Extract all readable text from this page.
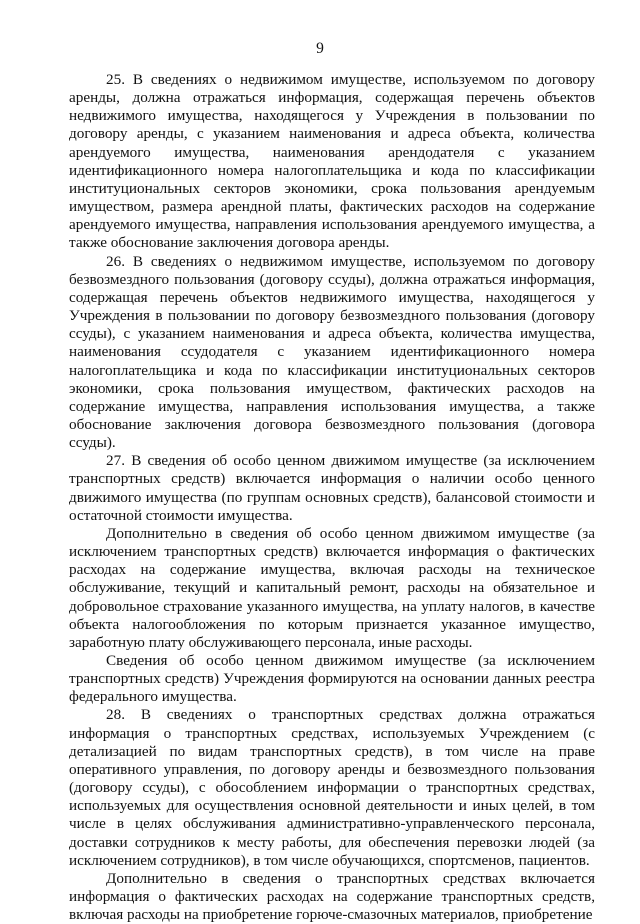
9

25. В сведениях о недвижимом имуществе, используемом по договору аренды, должна отражаться информация, содержащая перечень объектов недвижимого имущества, находящегося у Учреждения в пользовании по договору аренды, с указанием наименования и адреса объекта, количества арендуемого имущества, наименования арендодателя с указанием идентификационного номера налогоплательщика и кода по классификации институциональных секторов экономики, срока пользования арендуемым имуществом, размера арендной платы, фактических расходов на содержание арендуемого имущества, направления использования арендуемого имущества, а также обоснование заключения договора аренды.

26. В сведениях о недвижимом имуществе, используемом по договору безвозмездного пользования (договору ссуды), должна отражаться информация, содержащая перечень объектов недвижимого имущества, находящегося у Учреждения в пользовании по договору безвозмездного пользования (договору ссуды), с указанием наименования и адреса объекта, количества имущества, наименования ссудодателя с указанием идентификационного номера налогоплательщика и кода по классификации институциональных секторов экономики, срока пользования имуществом, фактических расходов на содержание имущества, направления использования имущества, а также обоснование заключения договора безвозмездного пользования (договора ссуды).

27. В сведения об особо ценном движимом имуществе (за исключением транспортных средств) включается информация о наличии особо ценного движимого имущества (по группам основных средств), балансовой стоимости и остаточной стоимости имущества.

Дополнительно в сведения об особо ценном движимом имуществе (за исключением транспортных средств) включается информация о фактических расходах на содержание имущества, включая расходы на техническое обслуживание, текущий и капитальный ремонт, расходы на обязательное и добровольное страхование указанного имущества, на уплату налогов, в качестве объекта налогообложения по которым признается указанное имущество, заработную плату обслуживающего персонала, иные расходы.

Сведения об особо ценном движимом имуществе (за исключением транспортных средств) Учреждения формируются на основании данных реестра федерального имущества.

28. В сведениях о транспортных средствах должна отражаться информация о транспортных средствах, используемых Учреждением (с детализацией по видам транспортных средств), в том числе на праве оперативного управления, по договору аренды и безвозмездного пользования (договору ссуды), с обособлением информации о транспортных средствах, используемых для осуществления основной деятельности и иных целей, в том числе в целях обслуживания административно-управленческого персонала, доставки сотрудников к месту работы, для обеспечения перевозки людей (за исключением сотрудников), в том числе обучающихся, спортсменов, пациентов.

Дополнительно в сведения о транспортных средствах включается информация о фактических расходах на содержание транспортных средств, включая расходы на приобретение горюче-смазочных материалов, приобретение
